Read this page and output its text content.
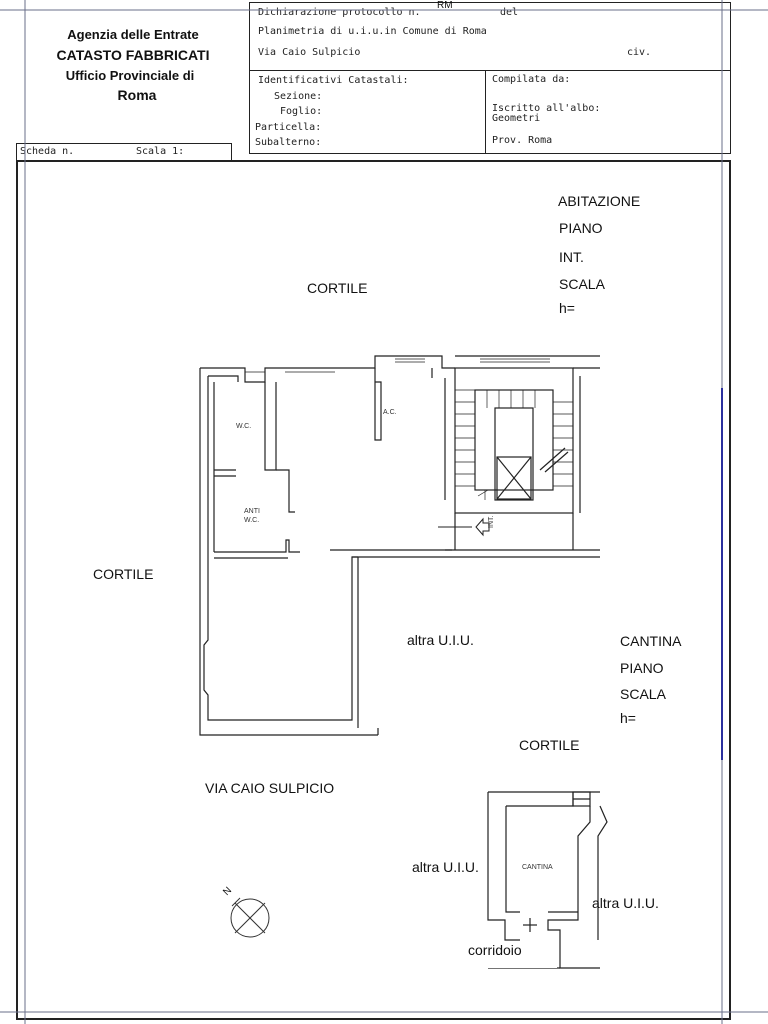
Agenzia delle Entrate
CATASTO FABBRICATI
Ufficio Provinciale di
Roma
Dichiarazione protocollo n.
RM
del
Planimetria di u.i.u.in Comune di Roma
Via Caio Sulpicio	civ.
Identificativi Catastali:
Sezione:
Foglio:
Particella:
Subalterno:
Compilata da:
Iscritto all'albo:
Geometri
Prov. Roma
Scheda n.	Scala 1:
W.C.
A.C.
ANTI
W.C.	INT.
CANTINA
N
ABITAZIONE
PIANO
INT.
SCALA
h=
CANTINA
PIANO
SCALA
h=
CORTILE
CORTILE
altra U.I.U.
CORTILE
VIA CAIO SULPICIO
altra U.I.U.
altra U.I.U.
corridoio
